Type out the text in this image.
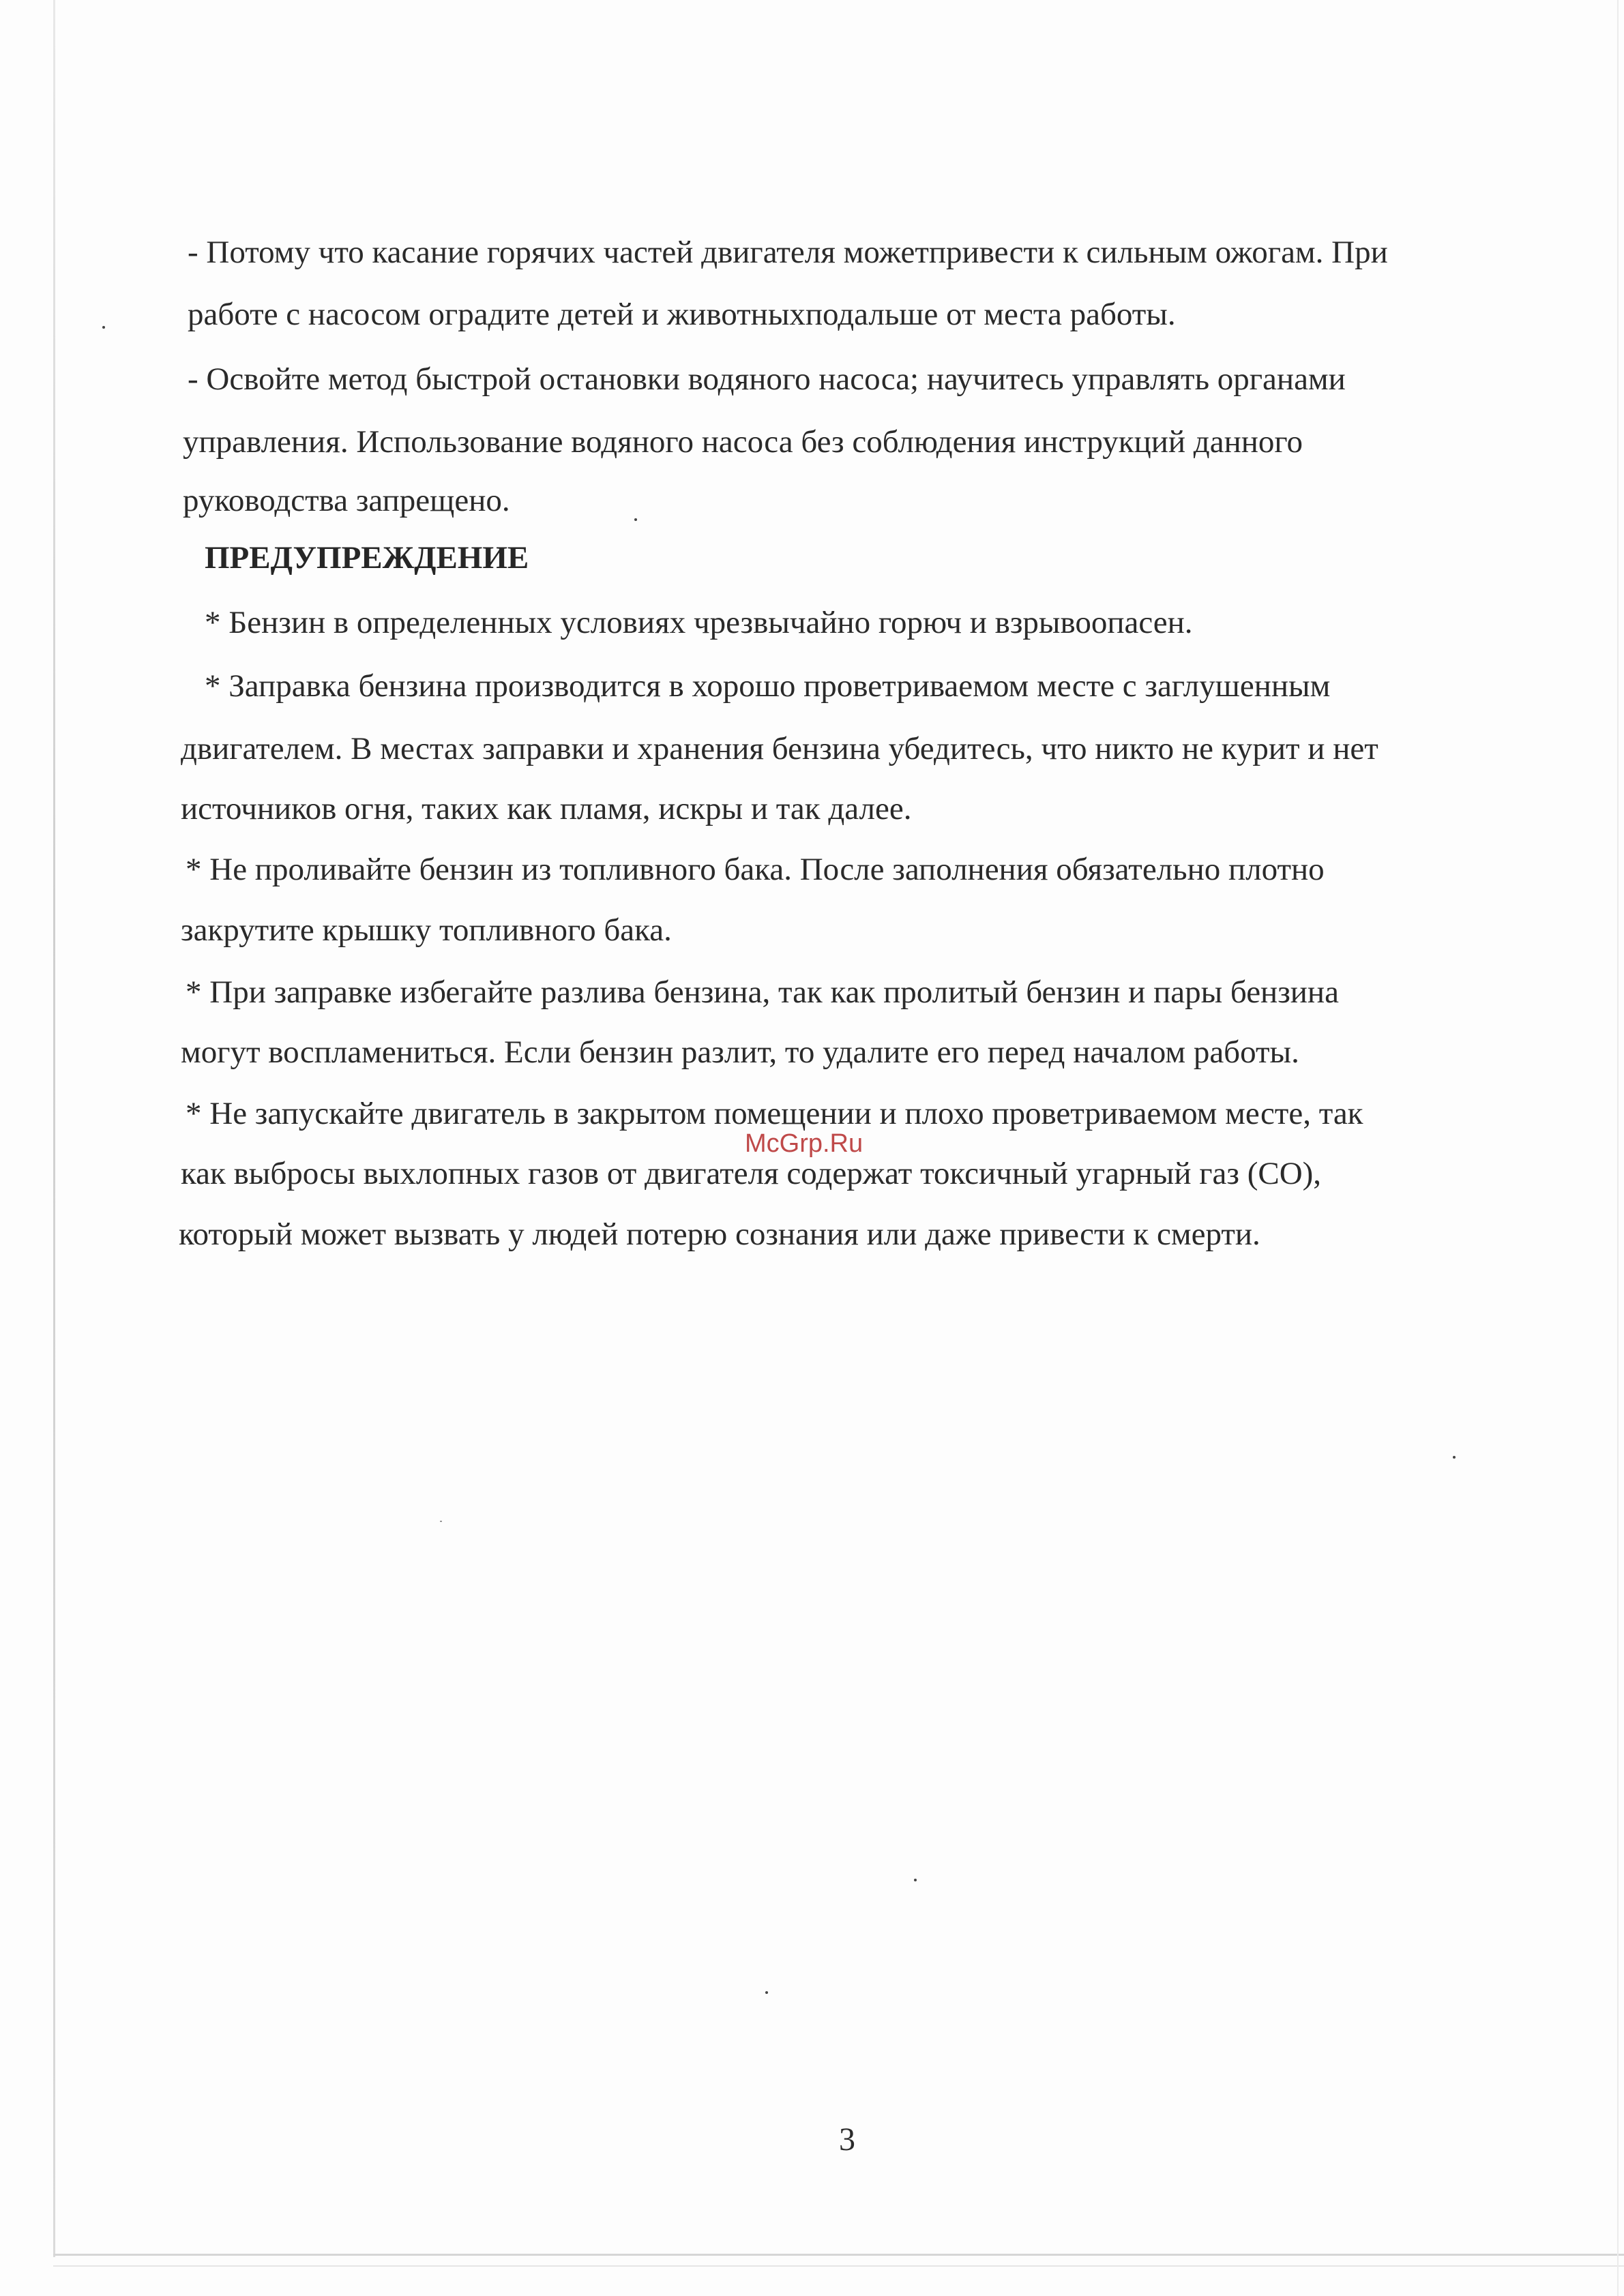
- Потому что касание горячих частей двигателя можетпривести к сильным ожогам. При
работе с насосом оградите детей и животныхподальше от места работы.
- Освойте метод быстрой остановки водяного насоса; научитесь управлять органами
управления. Использование водяного насоса без соблюдения инструкций данного
руководства запрещено.
ПРЕДУПРЕЖДЕНИЕ
* Бензин в определенных условиях чрезвычайно горюч и взрывоопасен.
* Заправка бензина производится в хорошо проветриваемом месте с заглушенным
двигателем. В местах заправки и хранения бензина убедитесь, что никто не курит и нет
источников огня, таких как пламя, искры и так далее.
* Не проливайте бензин из топливного бака. После заполнения обязательно плотно
закрутите крышку топливного бака.
* При заправке избегайте разлива бензина, так как пролитый бензин и пары бензина
могут воспламениться. Если бензин разлит, то удалите его перед началом работы.
* Не запускайте двигатель в закрытом помещении и плохо проветриваемом месте, так
как выбросы выхлопных газов от двигателя содержат токсичный угарный газ (CO),
который может вызвать у людей потерю сознания или даже привести к смерти.
McGrp.Ru
3
